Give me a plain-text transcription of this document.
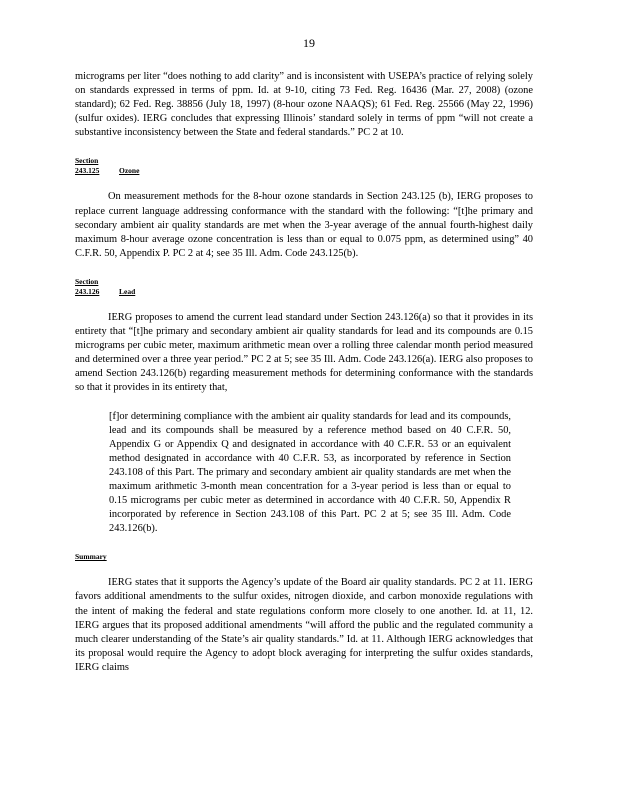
19

micrograms per liter “does nothing to add clarity” and is inconsistent with USEPA’s practice of relying solely on standards expressed in terms of ppm. Id. at 9-10, citing 73 Fed. Reg. 16436 (Mar. 27, 2008) (ozone standard); 62 Fed. Reg. 38856 (July 18, 1997) (8-hour ozone NAAQS); 61 Fed. Reg. 25566 (May 22, 1996) (sulfur oxides). IERG concludes that expressing Illinois’ standard solely in terms of ppm “will not create a substantive inconsistency between the State and federal standards.” PC 2 at 10.

Section 243.125	Ozone

On measurement methods for the 8-hour ozone standards in Section 243.125 (b), IERG proposes to replace current language addressing conformance with the standard with the following: “[t]he primary and secondary ambient air quality standards are met when the 3-year average of the annual fourth-highest daily maximum 8-hour average ozone concentration is less than or equal to 0.075 ppm, as determined using” 40 C.F.R. 50, Appendix P. PC 2 at 4; see 35 Ill. Adm. Code 243.125(b).

Section 243.126	Lead

IERG proposes to amend the current lead standard under Section 243.126(a) so that it provides in its entirety that “[t]he primary and secondary ambient air quality standards for lead and its compounds are 0.15 micrograms per cubic meter, maximum arithmetic mean over a rolling three calendar month period measured and determined over a three year period.” PC 2 at 5; see 35 Ill. Adm. Code 243.126(a). IERG also proposes to amend Section 243.126(b) regarding measurement methods for determining conformance with the standards so that it provides in its entirety that,

[f]or determining compliance with the ambient air quality standards for lead and its compounds, lead and its compounds shall be measured by a reference method based on 40 C.F.R. 50, Appendix G or Appendix Q and designated in accordance with 40 C.F.R. 53 or an equivalent method designated in accordance with 40 C.F.R. 53, as incorporated by reference in Section 243.108 of this Part. The primary and secondary ambient air quality standards are met when the maximum arithmetic 3-month mean concentration for a 3-year period is less than or equal to 0.15 micrograms per cubic meter as determined in accordance with 40 C.F.R. 50, Appendix R incorporated by reference in Section 243.108 of this Part. PC 2 at 5; see 35 Ill. Adm. Code 243.126(b).

Summary

IERG states that it supports the Agency’s update of the Board air quality standards. PC 2 at 11. IERG favors additional amendments to the sulfur oxides, nitrogen dioxide, and carbon monoxide regulations with the intent of making the federal and state regulations conform more closely to one another. Id. at 11, 12. IERG argues that its proposed additional amendments “will afford the public and the regulated community a much clearer understanding of the State’s air quality standards.” Id. at 11. Although IERG acknowledges that its proposal would require the Agency to adopt block averaging for interpreting the sulfur oxides standards, IERG claims
